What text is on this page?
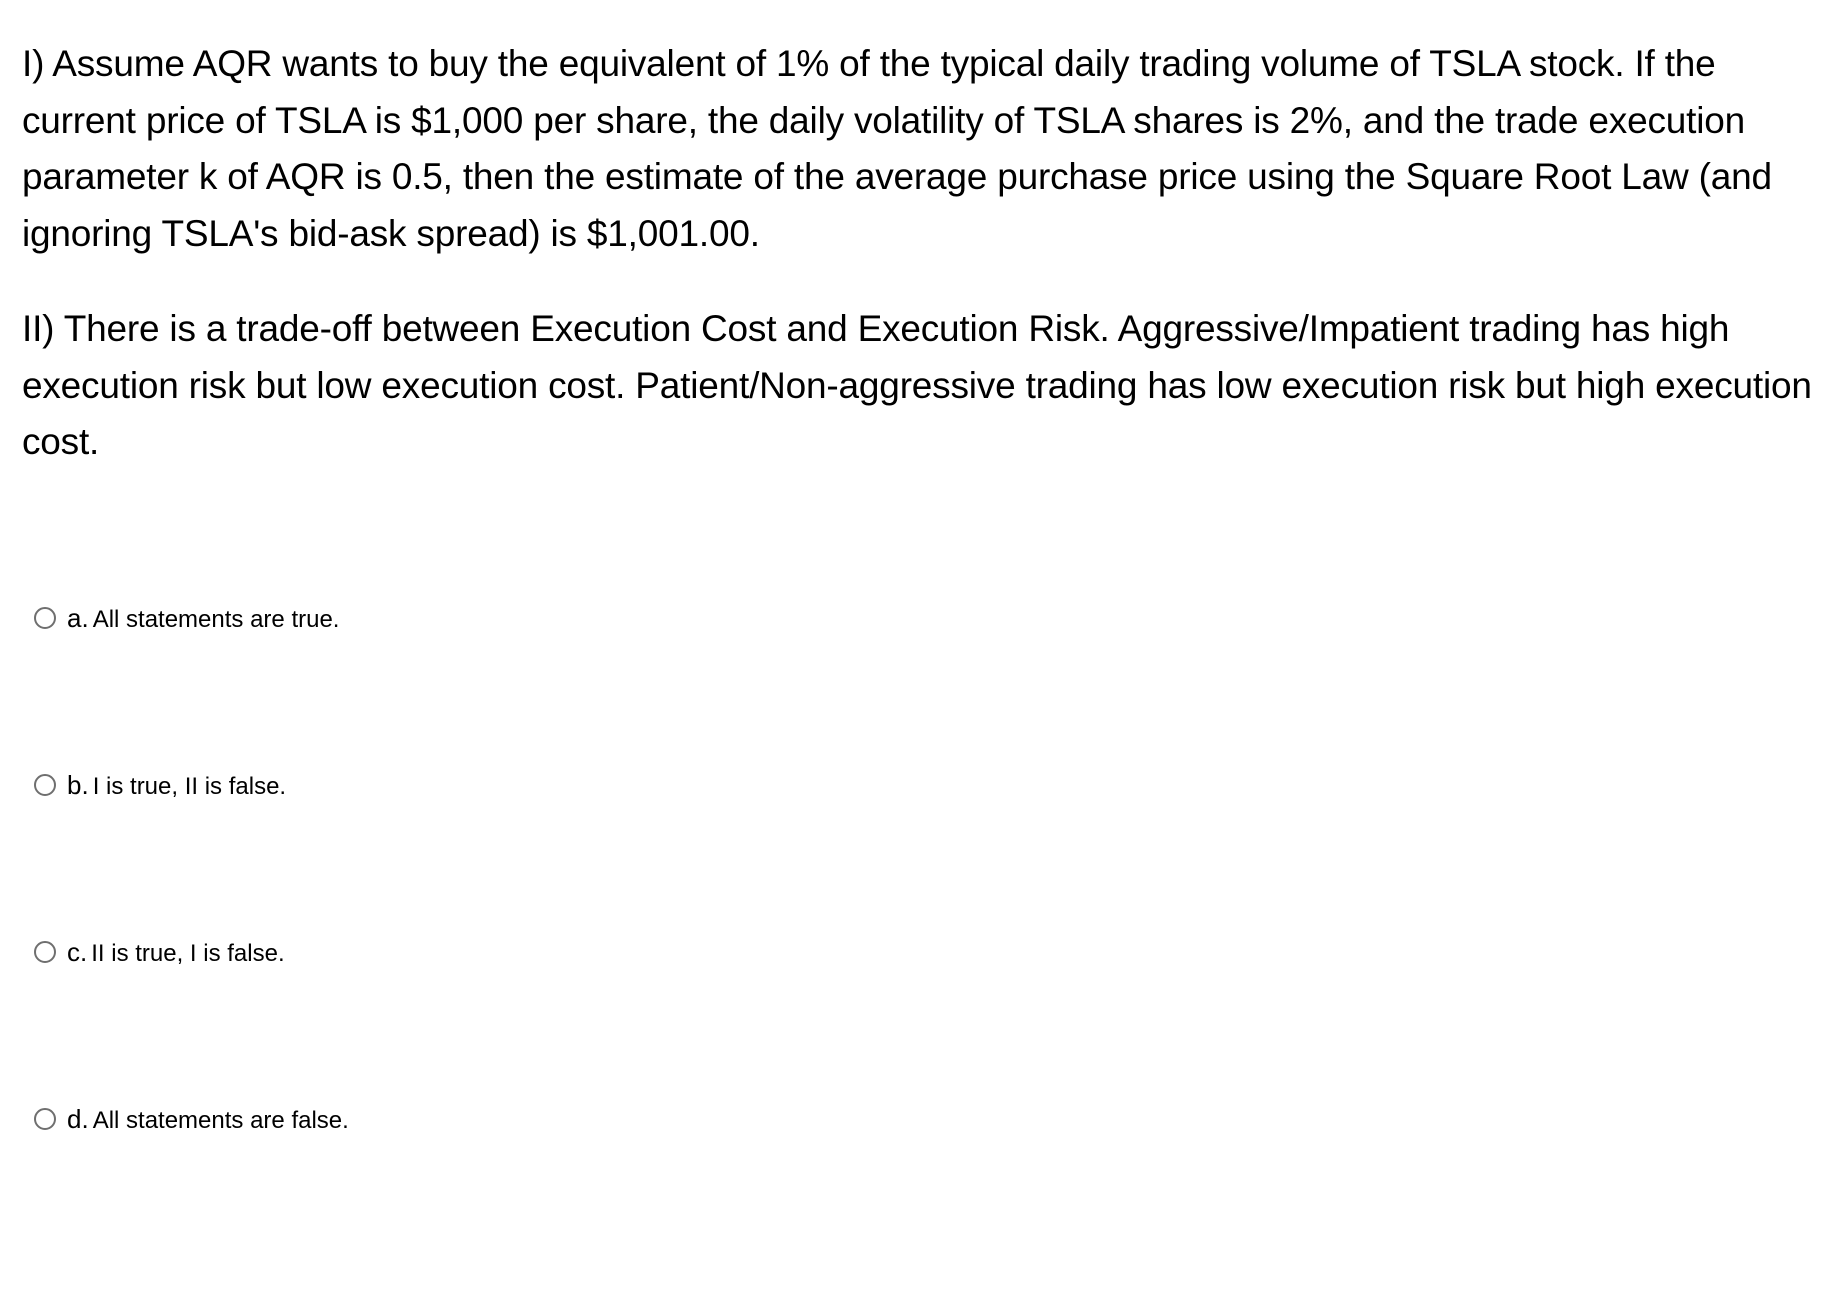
I) Assume AQR wants to buy the equivalent of 1% of the typical daily trading volume of TSLA stock. If the current price of TSLA is $1,000 per share, the daily volatility of TSLA shares is 2%, and the trade execution parameter k of AQR is 0.5, then the estimate of the average purchase price using the Square Root Law (and ignoring TSLA's bid-ask spread) is $1,001.00.

II) There is a trade-off between Execution Cost and Execution Risk. Aggressive/Impatient trading has high execution risk but low execution cost. Patient/Non-aggressive trading has low execution risk but high execution cost.

a. All statements are true.
b. I is true, II is false.
c. II is true, I is false.
d. All statements are false.
